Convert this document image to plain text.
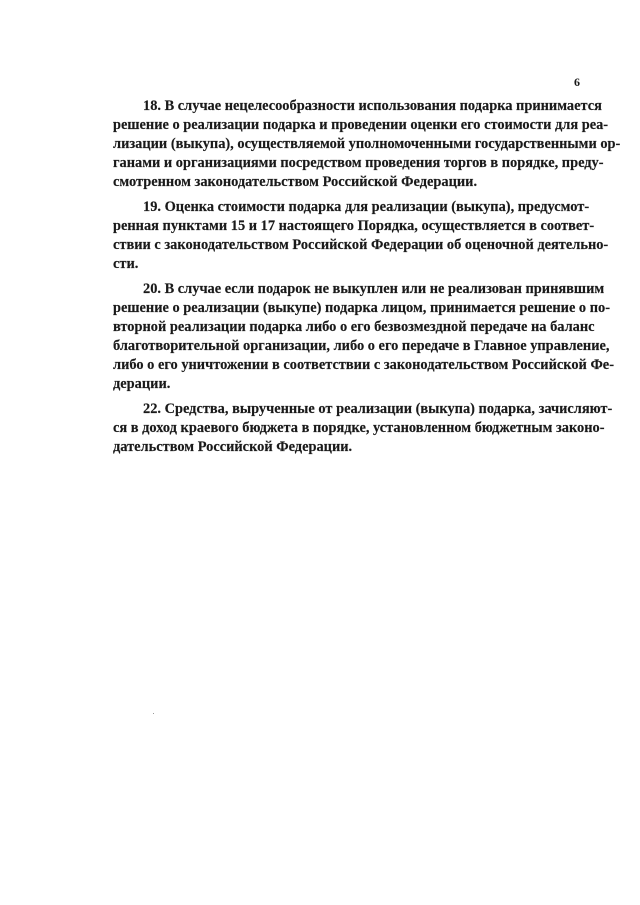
6

18. В случае нецелесообразности использования подарка принимается
решение о реализации подарка и проведении оценки его стоимости для реа-
лизации (выкупа), осуществляемой уполномоченными государственными ор-
ганами и организациями посредством проведения торгов в порядке, преду-
смотренном законодательством Российской Федерации.

19. Оценка стоимости подарка для реализации (выкупа), предусмот-
ренная пунктами 15 и 17 настоящего Порядка, осуществляется в соответ-
ствии с законодательством Российской Федерации об оценочной деятельно-
сти.

20. В случае если подарок не выкуплен или не реализован принявшим
решение о реализации (выкупе) подарка лицом, принимается решение о по-
вторной реализации подарка либо о его безвозмездной передаче на баланс
благотворительной организации, либо о его передаче в Главное управление,
либо о его уничтожении в соответствии с законодательством Российской Фе-
дерации.

22. Средства, вырученные от реализации (выкупа) подарка, зачисляют-
ся в доход краевого бюджета в порядке, установленном бюджетным законо-
дательством Российской Федерации.
